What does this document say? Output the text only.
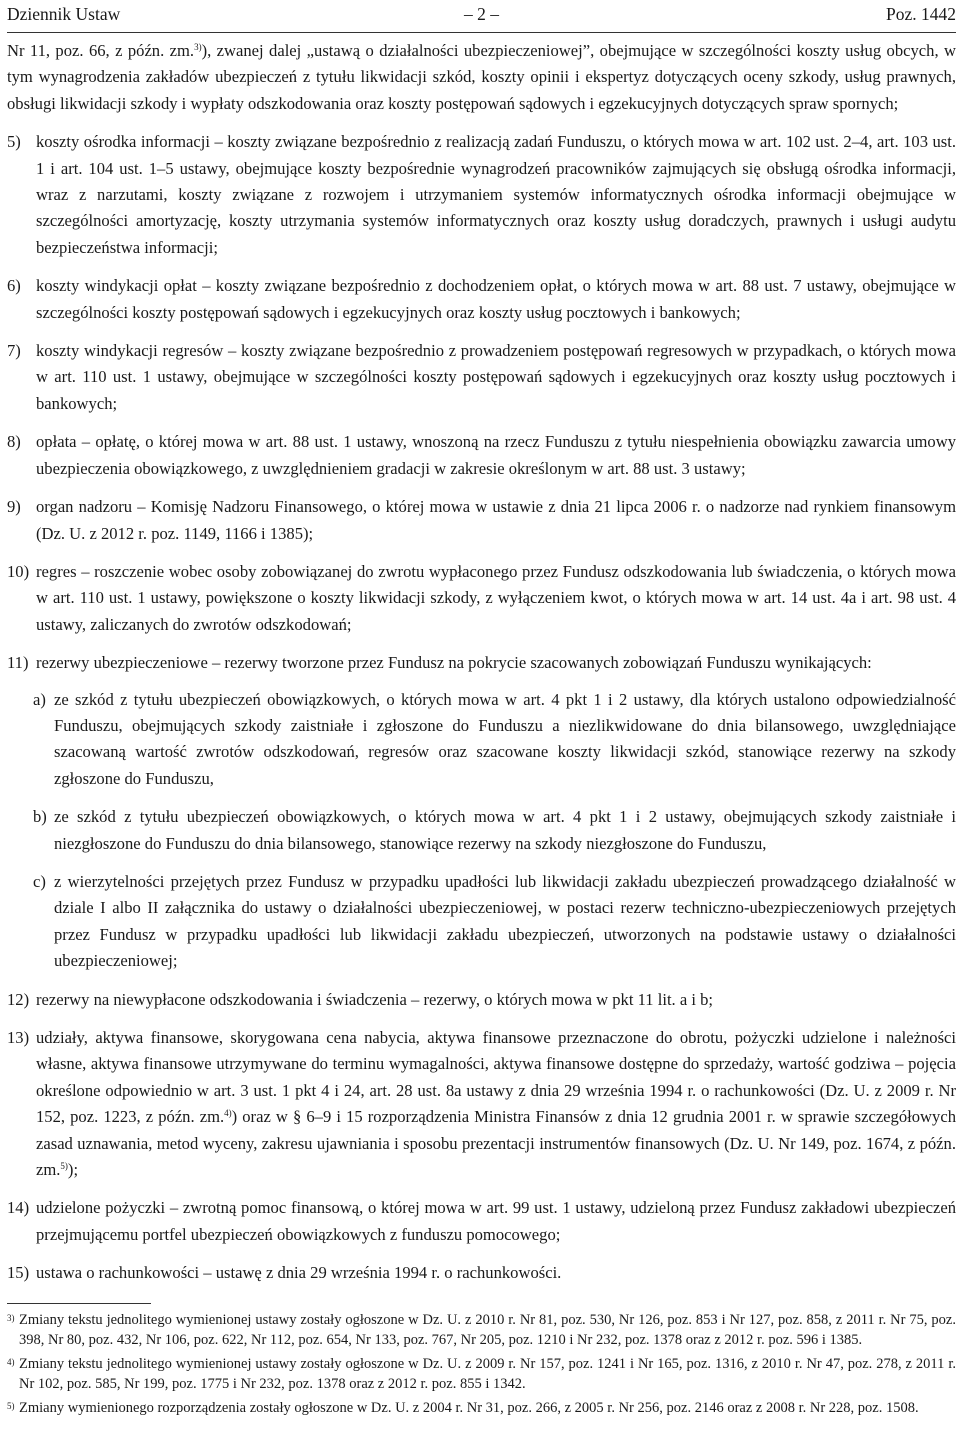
Dziennik Ustaw	– 2 –	Poz. 1442

Nr 11, poz. 66, z późn. zm.$^{3)}$), zwanej dalej „ustawą o działalności ubezpieczeniowej”, obejmujące w szczególności koszty usług obcych, w tym wynagrodzenia zakładów ubezpieczeń z tytułu likwidacji szkód, koszty opinii i ekspertyz dotyczących oceny szkody, usług prawnych, obsługi likwidacji szkody i wypłaty odszkodowania oraz koszty postępowań sądowych i egzekucyjnych dotyczących spraw spornych;

5) koszty ośrodka informacji – koszty związane bezpośrednio z realizacją zadań Funduszu, o których mowa w art. 102 ust. 2–4, art. 103 ust. 1 i art. 104 ust. 1–5 ustawy, obejmujące koszty bezpośrednie wynagrodzeń pracowników zajmujących się obsługą ośrodka informacji, wraz z narzutami, koszty związane z rozwojem i utrzymaniem systemów informatycznych ośrodka informacji obejmujące w szczególności amortyzację, koszty utrzymania systemów informatycznych oraz koszty usług doradczych, prawnych i usługi audytu bezpieczeństwa informacji;
6) koszty windykacji opłat – koszty związane bezpośrednio z dochodzeniem opłat, o których mowa w art. 88 ust. 7 ustawy, obejmujące w szczególności koszty postępowań sądowych i egzekucyjnych oraz koszty usług pocztowych i bankowych;
7) koszty windykacji regresów – koszty związane bezpośrednio z prowadzeniem postępowań regresowych w przypadkach, o których mowa w art. 110 ust. 1 ustawy, obejmujące w szczególności koszty postępowań sądowych i egzekucyjnych oraz koszty usług pocztowych i bankowych;
8) opłata – opłatę, o której mowa w art. 88 ust. 1 ustawy, wnoszoną na rzecz Funduszu z tytułu niespełnienia obowiązku zawarcia umowy ubezpieczenia obowiązkowego, z uwzględnieniem gradacji w zakresie określonym w art. 88 ust. 3 ustawy;
9) organ nadzoru – Komisję Nadzoru Finansowego, o której mowa w ustawie z dnia 21 lipca 2006 r. o nadzorze nad rynkiem finansowym (Dz. U. z 2012 r. poz. 1149, 1166 i 1385);
10) regres – roszczenie wobec osoby zobowiązanej do zwrotu wypłaconego przez Fundusz odszkodowania lub świadczenia, o których mowa w art. 110 ust. 1 ustawy, powiększone o koszty likwidacji szkody, z wyłączeniem kwot, o których mowa w art. 14 ust. 4a i art. 98 ust. 4 ustawy, zaliczanych do zwrotów odszkodowań;
11) rezerwy ubezpieczeniowe – rezerwy tworzone przez Fundusz na pokrycie szacowanych zobowiązań Funduszu wynikających:
a) ze szkód z tytułu ubezpieczeń obowiązkowych, o których mowa w art. 4 pkt 1 i 2 ustawy, dla których ustalono odpowiedzialność Funduszu, obejmujących szkody zaistniałe i zgłoszone do Funduszu a niezlikwidowane do dnia bilansowego, uwzględniające szacowaną wartość zwrotów odszkodowań, regresów oraz szacowane koszty likwidacji szkód, stanowiące rezerwy na szkody zgłoszone do Funduszu,
b) ze szkód z tytułu ubezpieczeń obowiązkowych, o których mowa w art. 4 pkt 1 i 2 ustawy, obejmujących szkody zaistniałe i niezgłoszone do Funduszu do dnia bilansowego, stanowiące rezerwy na szkody niezgłoszone do Funduszu,
c) z wierzytelności przejętych przez Fundusz w przypadku upadłości lub likwidacji zakładu ubezpieczeń prowadzącego działalność w dziale I albo II załącznika do ustawy o działalności ubezpieczeniowej, w postaci rezerw techniczno-ubezpieczeniowych przejętych przez Fundusz w przypadku upadłości lub likwidacji zakładu ubezpieczeń, utworzonych na podstawie ustawy o działalności ubezpieczeniowej;
12) rezerwy na niewypłacone odszkodowania i świadczenia – rezerwy, o których mowa w pkt 11 lit. a i b;
13) udziały, aktywa finansowe, skorygowana cena nabycia, aktywa finansowe przeznaczone do obrotu, pożyczki udzielone i należności własne, aktywa finansowe utrzymywane do terminu wymagalności, aktywa finansowe dostępne do sprzedaży, wartość godziwa – pojęcia określone odpowiednio w art. 3 ust. 1 pkt 4 i 24, art. 28 ust. 8a ustawy z dnia 29 września 1994 r. o rachunkowości (Dz. U. z 2009 r. Nr 152, poz. 1223, z późn. zm.$^{4)}$) oraz w § 6–9 i 15 rozporządzenia Ministra Finansów z dnia 12 grudnia 2001 r. w sprawie szczegółowych zasad uznawania, metod wyceny, zakresu ujawniania i sposobu prezentacji instrumentów finansowych (Dz. U. Nr 149, poz. 1674, z późn. zm.$^{5)}$);
14) udzielone pożyczki – zwrotną pomoc finansową, o której mowa w art. 99 ust. 1 ustawy, udzieloną przez Fundusz zakładowi ubezpieczeń przejmującemu portfel ubezpieczeń obowiązkowych z funduszu pomocowego;
15) ustawa o rachunkowości – ustawę z dnia 29 września 1994 r. o rachunkowości.
3) Zmiany tekstu jednolitego wymienionej ustawy zostały ogłoszone w Dz. U. z 2010 r. Nr 81, poz. 530, Nr 126, poz. 853 i Nr 127, poz. 858, z 2011 r. Nr 75, poz. 398, Nr 80, poz. 432, Nr 106, poz. 622, Nr 112, poz. 654, Nr 133, poz. 767, Nr 205, poz. 1210 i Nr 232, poz. 1378 oraz z 2012 r. poz. 596 i 1385.
4) Zmiany tekstu jednolitego wymienionej ustawy zostały ogłoszone w Dz. U. z 2009 r. Nr 157, poz. 1241 i Nr 165, poz. 1316, z 2010 r. Nr 47, poz. 278, z 2011 r. Nr 102, poz. 585, Nr 199, poz. 1775 i Nr 232, poz. 1378 oraz z 2012 r. poz. 855 i 1342.
5) Zmiany wymienionego rozporządzenia zostały ogłoszone w Dz. U. z 2004 r. Nr 31, poz. 266, z 2005 r. Nr 256, poz. 2146 oraz z 2008 r. Nr 228, poz. 1508.
